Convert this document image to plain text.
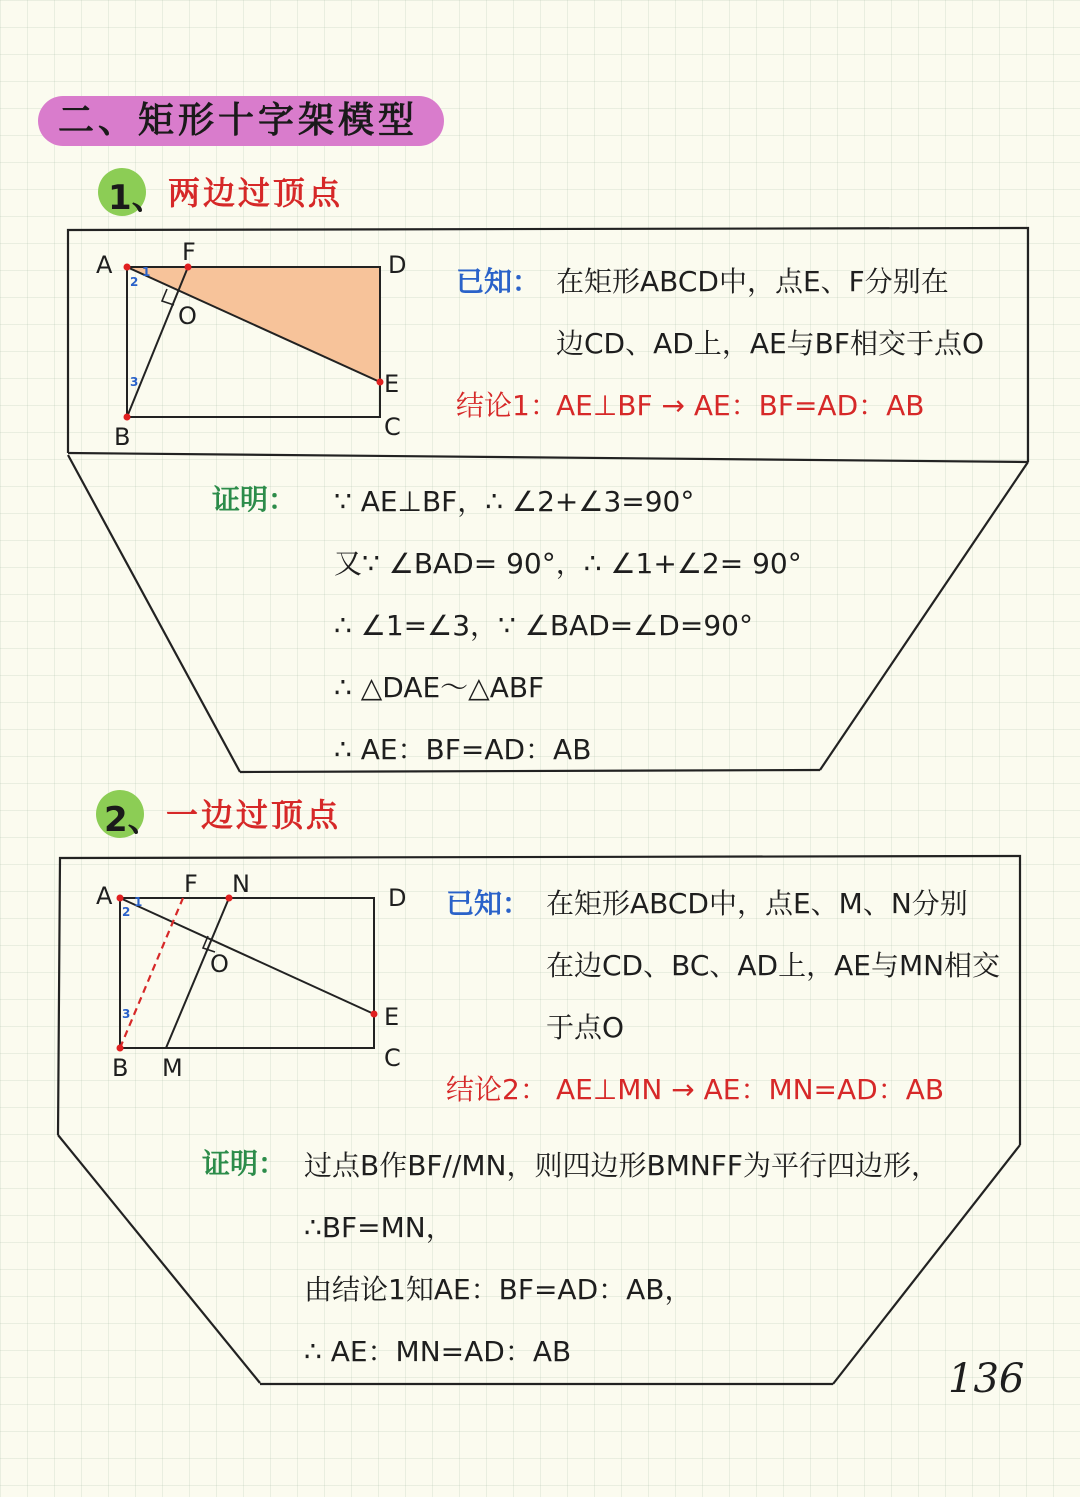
二、矩形十字架模型
1、 两边过顶点
A
B	C
D
E
F
O
1
2
3
已知： 在矩形ABCD中，点E、F分别在
边CD、AD上，AE与BF相交于点O
结论1：
AE⊥BF → AE：BF=AD：AB
证明： ∵ AE⊥BF，∴ ∠2+∠3=90°
又∵ ∠BAD= 90°，∴ ∠1+∠2= 90°
∴ ∠1=∠3，∵ ∠BAD=∠D=90°
∴ △DAE～△ABF
∴ AE：BF=AD：AB
2、 一边过顶点
A
B M	C
D
E
F N
O
1
2
3
已知： 在矩形ABCD中，点E、M、N分别
在边CD、BC、AD上，AE与MN相交
于点O
结论2： AE⊥MN → AE：MN=AD：AB
证明： 过点B作BF//MN，则四边形BMNFF为平行四边形，
∴BF=MN，
由结论1知AE：BF=AD：AB，
∴ AE：MN=AD：AB
136
